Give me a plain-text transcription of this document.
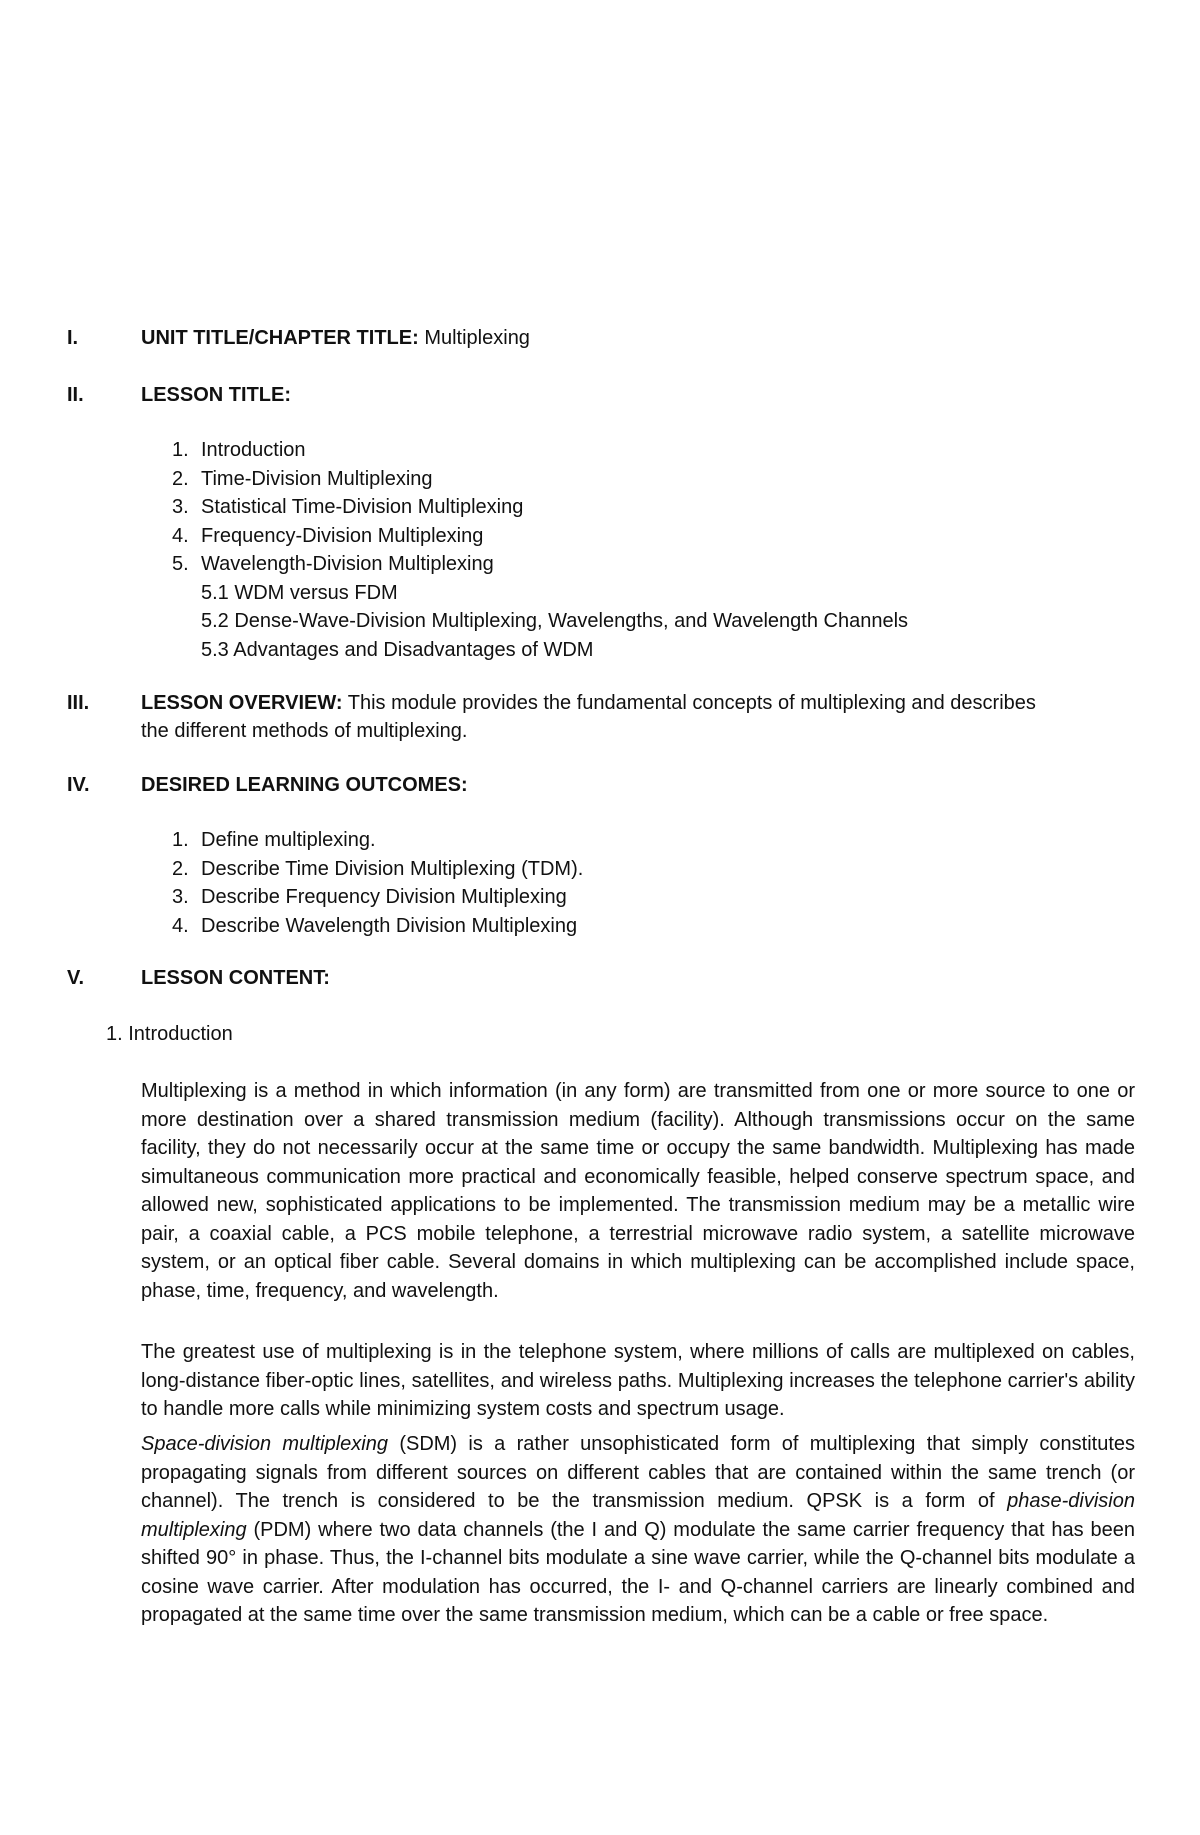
I.	UNIT TITLE/CHAPTER TITLE: Multiplexing
II.	LESSON TITLE:
1. Introduction
2. Time-Division Multiplexing
3. Statistical Time-Division Multiplexing
4. Frequency-Division Multiplexing
5. Wavelength-Division Multiplexing
5.1 WDM versus FDM
5.2 Dense-Wave-Division Multiplexing, Wavelengths, and Wavelength Channels
5.3 Advantages and Disadvantages of WDM
III.	LESSON OVERVIEW: This module provides the fundamental concepts of multiplexing and describes
the different methods of multiplexing.
IV.	DESIRED LEARNING OUTCOMES:
1. Define multiplexing.
2. Describe Time Division Multiplexing (TDM).
3. Describe Frequency Division Multiplexing
4. Describe Wavelength Division Multiplexing
V.	LESSON CONTENT:
1. Introduction

Multiplexing is a method in which information (in any form) are transmitted from one or more source to one or more destination over a shared transmission medium (facility). Although transmissions occur on the same facility, they do not necessarily occur at the same time or occupy the same bandwidth. Multiplexing has made simultaneous communication more practical and economically feasible, helped conserve spectrum space, and allowed new, sophisticated applications to be implemented. The transmission medium may be a metallic wire pair, a coaxial cable, a PCS mobile telephone, a terrestrial microwave radio system, a satellite microwave system, or an optical fiber cable. Several domains in which multiplexing can be accomplished include space, phase, time, frequency, and wavelength.

The greatest use of multiplexing is in the telephone system, where millions of calls are multiplexed on cables, long-distance fiber-optic lines, satellites, and wireless paths. Multiplexing increases the telephone carrier's ability to handle more calls while minimizing system costs and spectrum usage.

Space-division multiplexing (SDM) is a rather unsophisticated form of multiplexing that simply constitutes propagating signals from different sources on different cables that are contained within the same trench (or channel). The trench is considered to be the transmission medium. QPSK is a form of phase-division multiplexing (PDM) where two data channels (the I and Q) modulate the same carrier frequency that has been shifted 90° in phase. Thus, the I-channel bits modulate a sine wave carrier, while the Q-channel bits modulate a cosine wave carrier. After modulation has occurred, the I- and Q-channel carriers are linearly combined and propagated at the same time over the same transmission medium, which can be a cable or free space.
